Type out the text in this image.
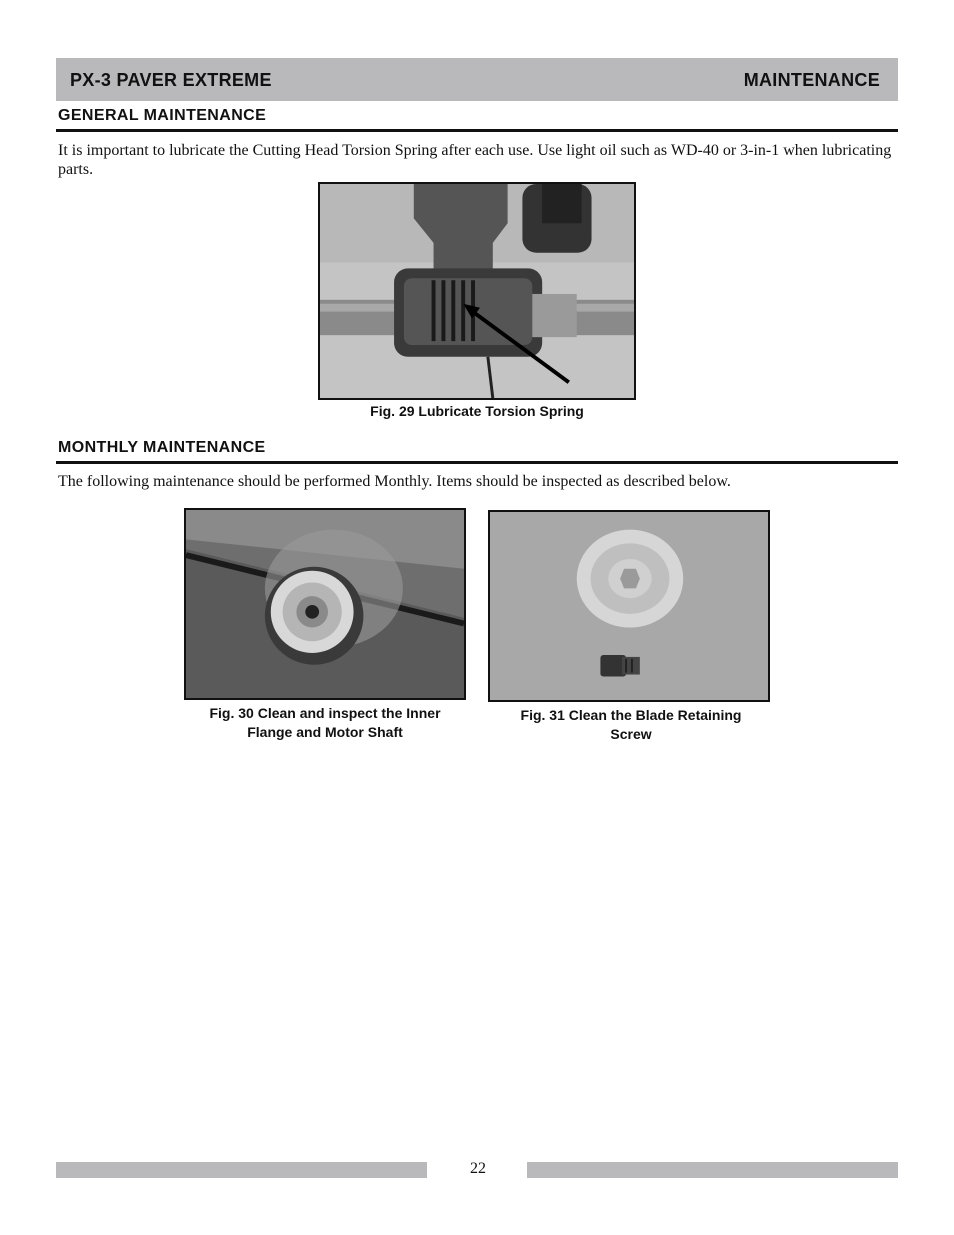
PX-3 PAVER EXTREME	MAINTENANCE
GENERAL MAINTENANCE
It is important to lubricate the Cutting Head Torsion Spring after each use. Use light oil such as WD-40 or 3-in-1 when lubricating parts.
Fig. 29 Lubricate Torsion Spring
MONTHLY MAINTENANCE
The following maintenance should be performed Monthly. Items should be inspected as described below.
Fig. 30 Clean and inspect the Inner
Flange and Motor Shaft
Fig. 31 Clean the Blade Retaining
Screw
22
